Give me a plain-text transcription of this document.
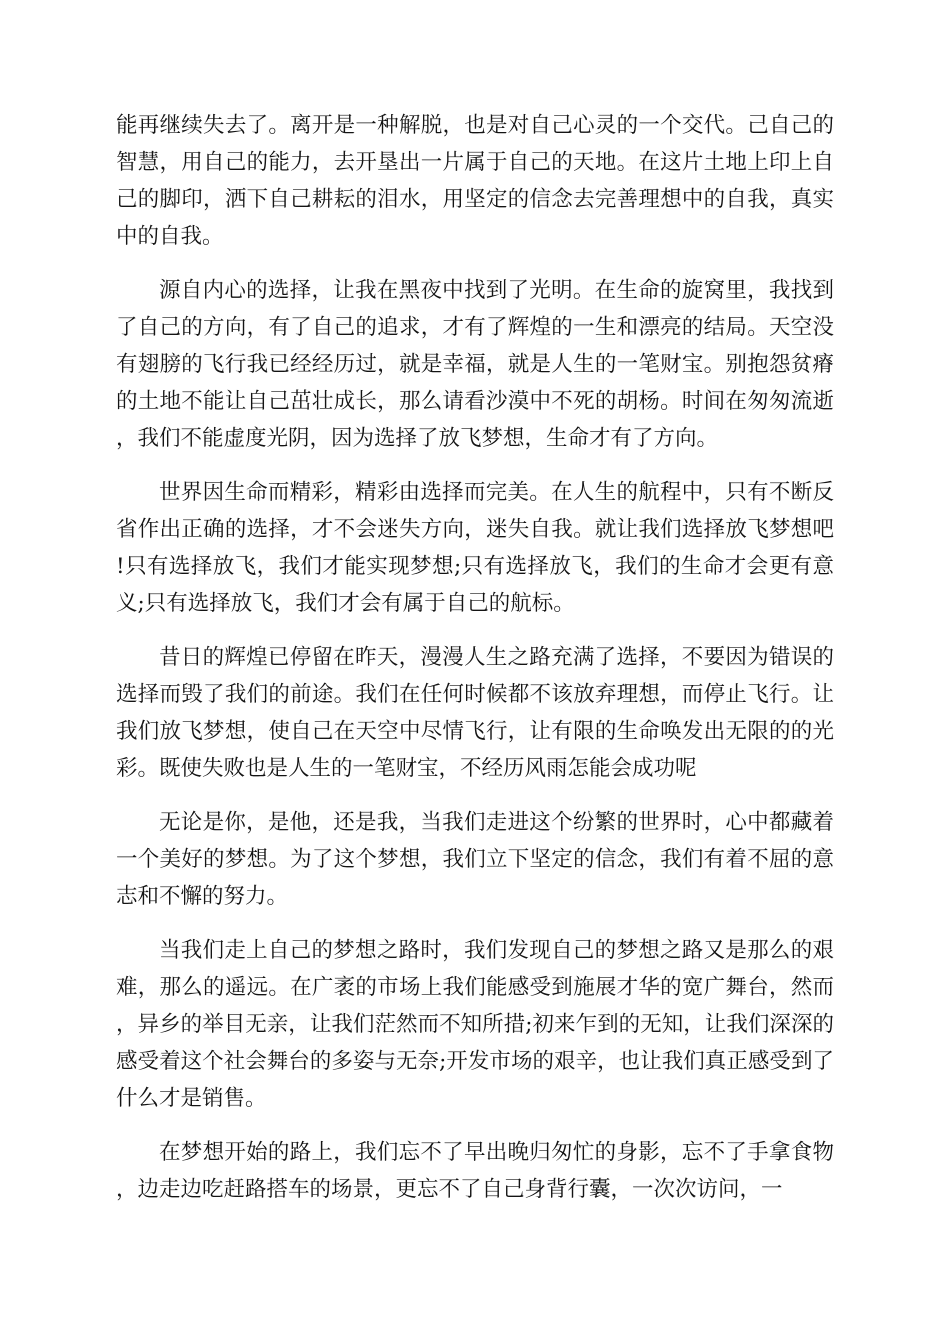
能再继续失去了。离开是一种解脱，也是对自己心灵的一个交代。己自己的智慧，用自己的能力，去开垦出一片属于自己的天地。在这片土地上印上自己的脚印，洒下自己耕耘的泪水，用坚定的信念去完善理想中的自我，真实中的自我。

源自内心的选择，让我在黑夜中找到了光明。在生命的旋窝里，我找到了自己的方向，有了自己的追求，才有了辉煌的一生和漂亮的结局。天空没有翅膀的飞行我已经经历过，就是幸福，就是人生的一笔财宝。别抱怨贫瘠的土地不能让自己茁壮成长，那么请看沙漠中不死的胡杨。时间在匆匆流逝，我们不能虚度光阴，因为选择了放飞梦想，生命才有了方向。

世界因生命而精彩，精彩由选择而完美。在人生的航程中，只有不断反省作出正确的选择，才不会迷失方向，迷失自我。就让我们选择放飞梦想吧!只有选择放飞，我们才能实现梦想;只有选择放飞，我们的生命才会更有意义;只有选择放飞，我们才会有属于自己的航标。

昔日的辉煌已停留在昨天，漫漫人生之路充满了选择，不要因为错误的选择而毁了我们的前途。我们在任何时候都不该放弃理想，而停止飞行。让我们放飞梦想，使自己在天空中尽情飞行，让有限的生命唤发出无限的的光彩。既使失败也是人生的一笔财宝，不经历风雨怎能会成功呢

无论是你，是他，还是我，当我们走进这个纷繁的世界时，心中都藏着一个美好的梦想。为了这个梦想，我们立下坚定的信念，我们有着不屈的意志和不懈的努力。

当我们走上自己的梦想之路时，我们发现自己的梦想之路又是那么的艰难，那么的遥远。在广袤的市场上我们能感受到施展才华的宽广舞台，然而，异乡的举目无亲，让我们茫然而不知所措;初来乍到的无知，让我们深深的感受着这个社会舞台的多姿与无奈;开发市场的艰辛，也让我们真正感受到了什么才是销售。

在梦想开始的路上，我们忘不了早出晚归匆忙的身影，忘不了手拿食物，边走边吃赶路搭车的场景，更忘不了自己身背行囊，一次次访问，一
